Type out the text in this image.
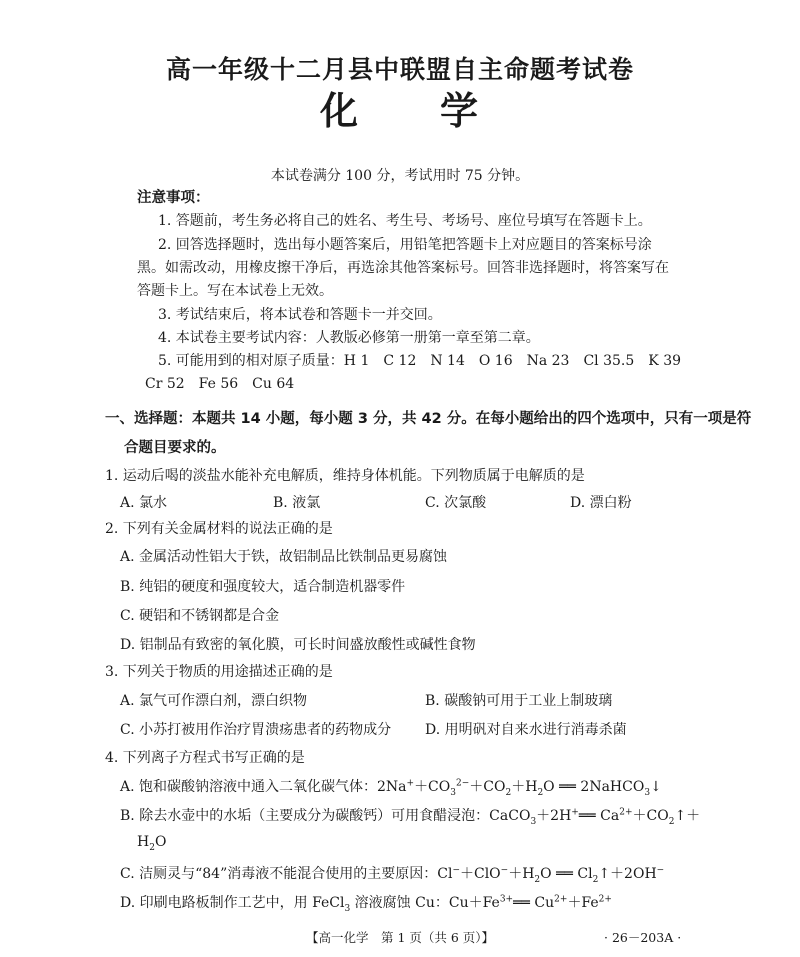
高一年级十二月县中联盟自主命题考试卷
化 学
本试卷满分 100 分，考试用时 75 分钟。
注意事项：
1. 答题前，考生务必将自己的姓名、考生号、考场号、座位号填写在答题卡上。
2. 回答选择题时，选出每小题答案后，用铅笔把答题卡上对应题目的答案标号涂
黑。如需改动，用橡皮擦干净后，再选涂其他答案标号。回答非选择题时，将答案写在
答题卡上。写在本试卷上无效。
3. 考试结束后，将本试卷和答题卡一并交回。
4. 本试卷主要考试内容：人教版必修第一册第一章至第二章。
5. 可能用到的相对原子质量：H 1　C 12　N 14　O 16　Na 23　Cl 35.5　K 39
Cr 52　Fe 56　Cu 64
一、选择题：本题共 14 小题，每小题 3 分，共 42 分。在每小题给出的四个选项中，只有一项是符
合题目要求的。
1. 运动后喝的淡盐水能补充电解质，维持身体机能。下列物质属于电解质的是
A. 氯水	B. 液氯	C. 次氯酸	D. 漂白粉
2. 下列有关金属材料的说法正确的是
A. 金属活动性铝大于铁，故铝制品比铁制品更易腐蚀
B. 纯铝的硬度和强度较大，适合制造机器零件
C. 硬铝和不锈钢都是合金
D. 铝制品有致密的氧化膜，可长时间盛放酸性或碱性食物
3. 下列关于物质的用途描述正确的是
A. 氯气可作漂白剂，漂白织物	B. 碳酸钠可用于工业上制玻璃
C. 小苏打被用作治疗胃溃疡患者的药物成分 D. 用明矾对自来水进行消毒杀菌
4. 下列离子方程式书写正确的是
A. 饱和碳酸钠溶液中通入二氧化碳气体：$2Na^++CO_3^{2-}+CO_2+H_2O$ ══ 2NaHCO$_3$↓
B. 除去水壶中的水垢（主要成分为碳酸钙）可用食醋浸泡：CaCO$_3$＋2H+══ $Ca^{2+}+CO_2↑+$
$H_2O$
C. 洁厕灵与“84”消毒液不能混合使用的主要原因：$Cl^-+ClO^-+H_2O$ ══ $Cl_2↑+2OH^-$
D. 印刷电路板制作工艺中，用 FeCl$_3$ 溶液腐蚀 Cu：$Cu+Fe^{3+}══$ $Cu^{2+}+Fe^{2+}$
【高一化学　第 1 页（共 6 页）】	· 26－203A ·
